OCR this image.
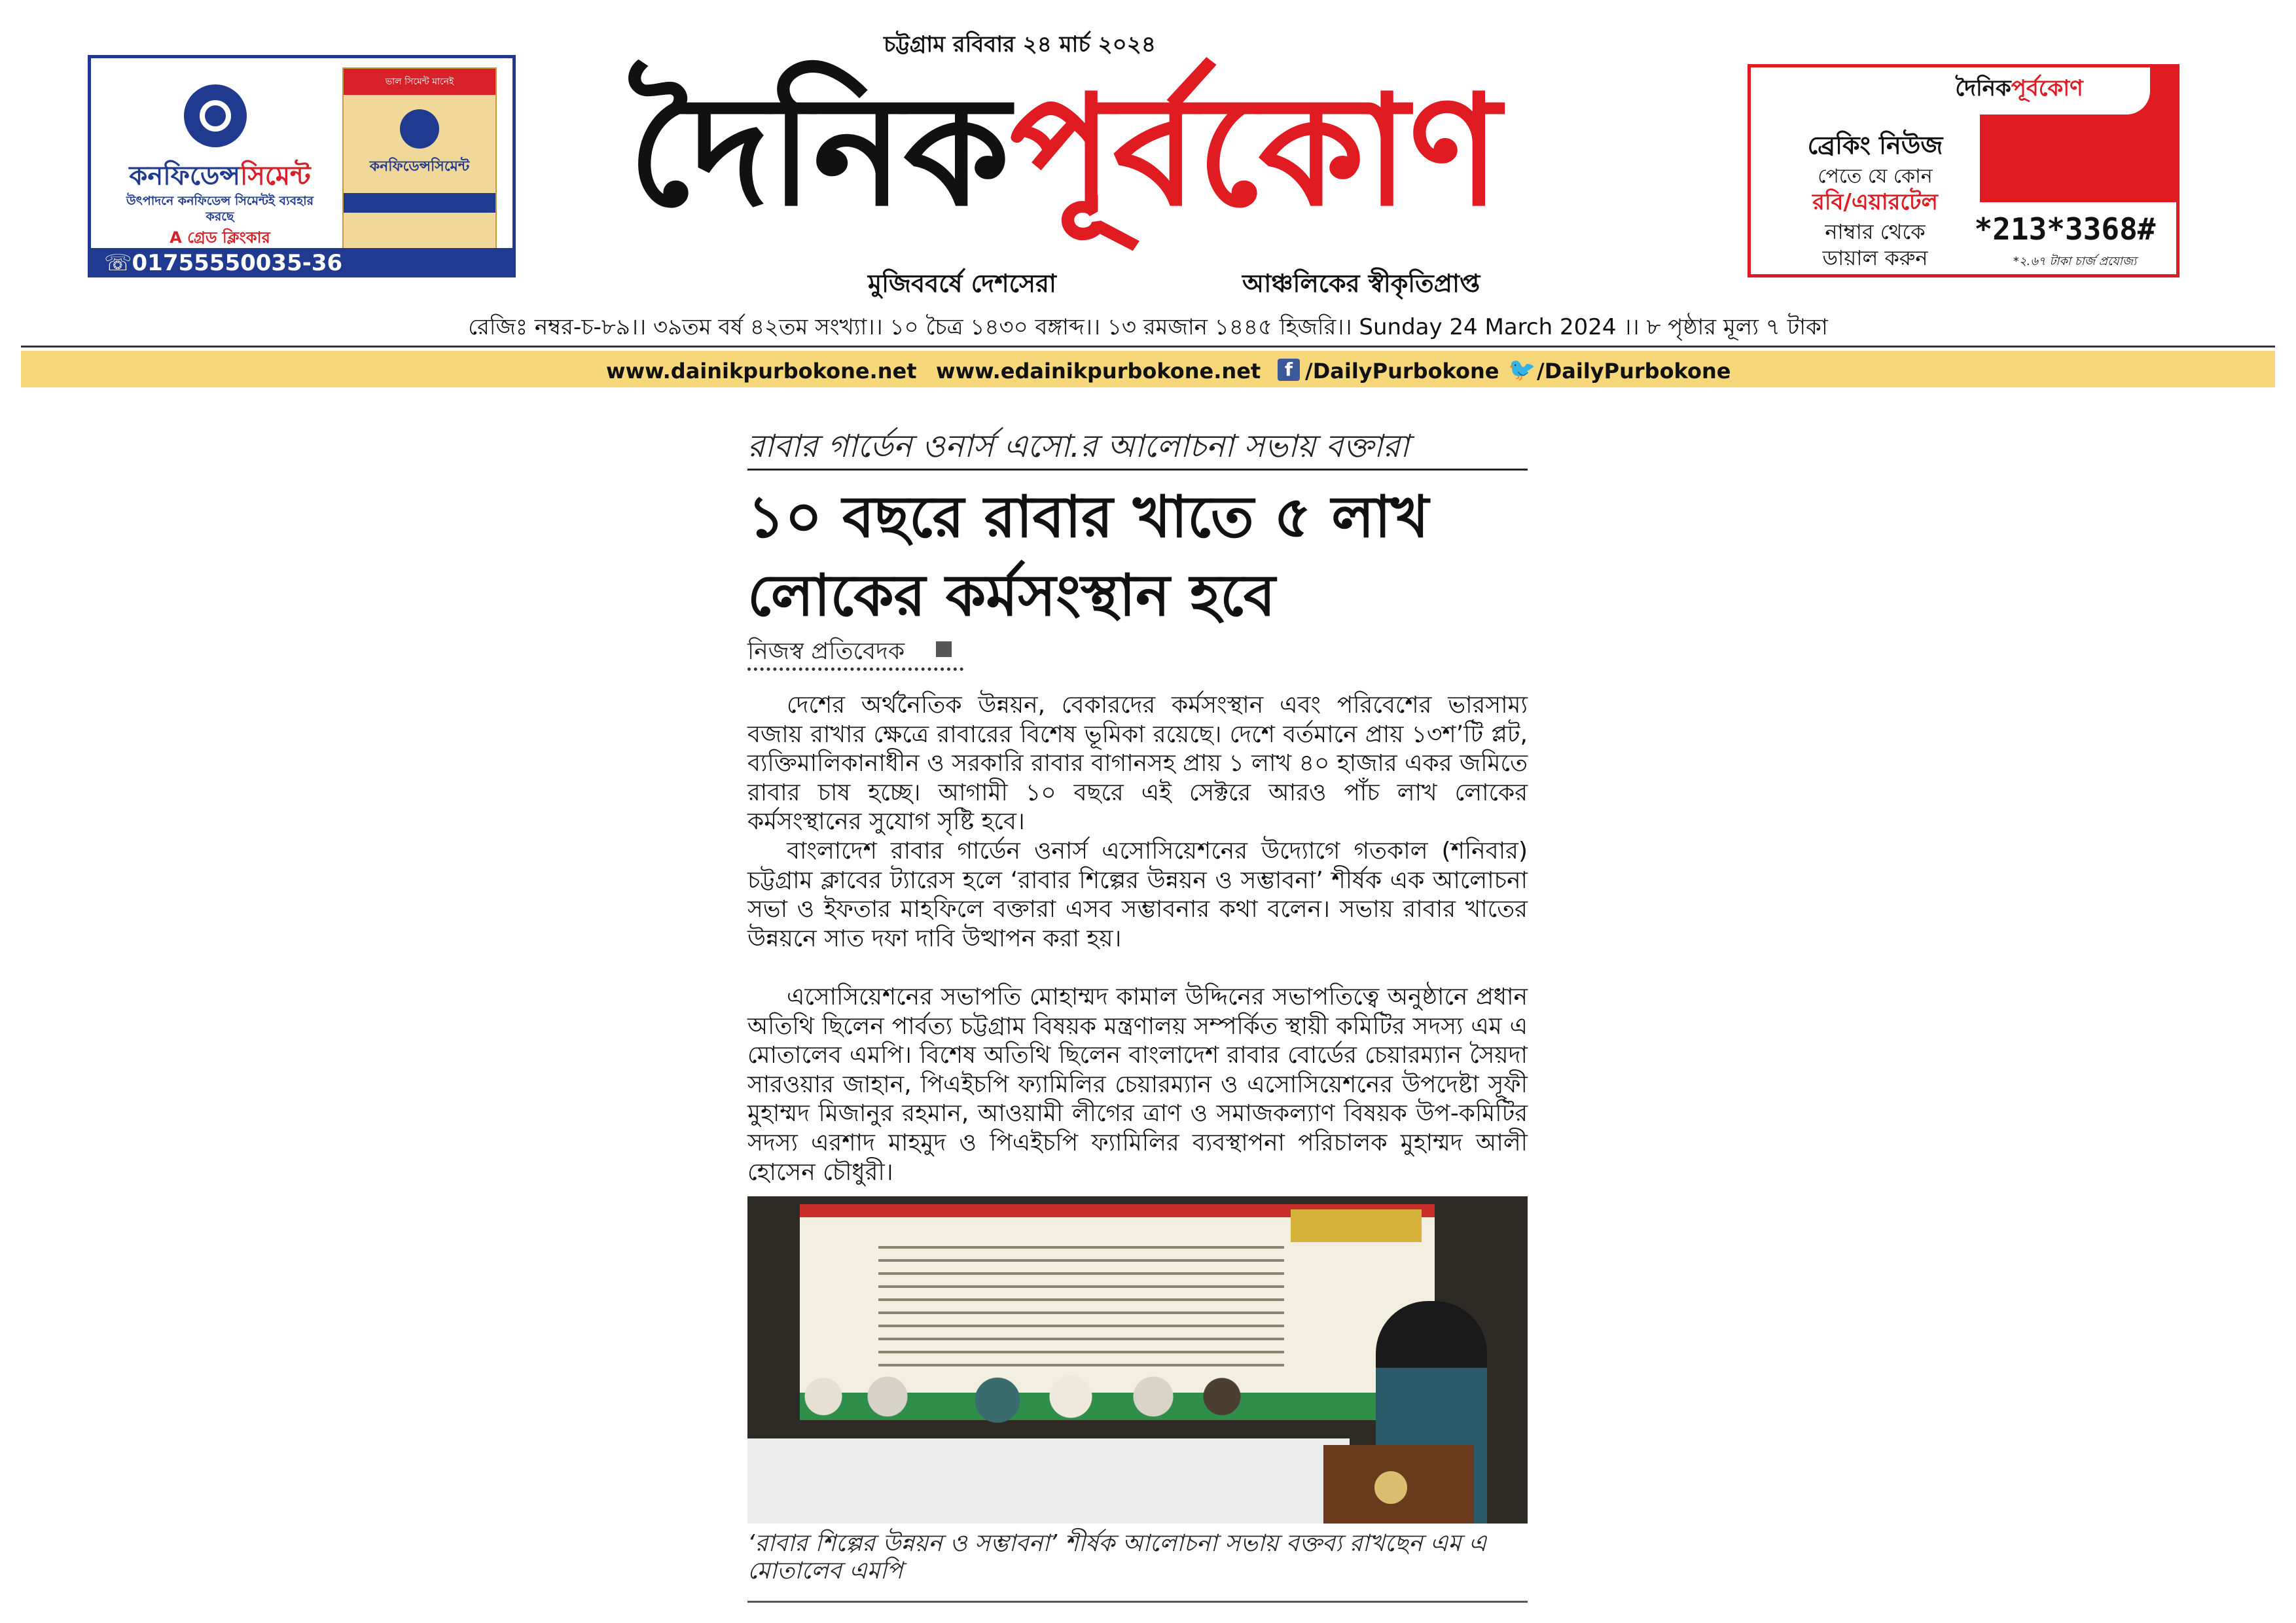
কনফিডেন্সসিমেন্ট
উৎপাদনে কনফিডেন্স সিমেন্টই ব্যবহার করছে
A গ্রেড ক্লিংকার
ভাল সিমেন্ট মানেই
কনফিডেন্সসিমেন্ট
☏01755550035-36
চট্টগ্রাম রবিবার ২৪ মার্চ ২০২৪
দৈনিকপূর্বকোণ
মুজিববর্ষে দেশসেরা	আঞ্চলিকের স্বীকৃতিপ্রাপ্ত
দৈনিকপূর্বকোণ
ব্রেকিং নিউজ
পেতে যে কোন
রবি/এয়ারটেল
নাম্বার থেকে
ডায়াল করুন
*213*3368#
*২.৬৭ টাকা চার্জ প্রযোজ্য
রেজিঃ নম্বর-চ-৮৯।। ৩৯তম বর্ষ ৪২তম সংখ্যা।। ১০ চৈত্র ১৪৩০ বঙ্গাব্দ।। ১৩ রমজান ১৪৪৫ হিজরি।। Sunday 24 March 2024 ।। ৮ পৃষ্ঠার মূল্য ৭ টাকা
www.dainikpurbokone.net www.edainikpurbokone.net	f /DailyPurbokone 🐦 /DailyPurbokone
রাবার গার্ডেন ওনার্স এসো.র আলোচনা সভায় বক্তারা
১০ বছরে রাবার খাতে ৫ লাখ লোকের কর্মসংস্থান হবে
নিজস্ব প্রতিবেদক
দেশের অর্থনৈতিক উন্নয়ন, বেকারদের কর্মসংস্থান এবং পরিবেশের ভারসাম্য বজায় রাখার ক্ষেত্রে রাবারের বিশেষ ভূমিকা রয়েছে। দেশে বর্তমানে প্রায় ১৩শ’টি প্লট, ব্যক্তিমালিকানাধীন ও সরকারি রাবার বাগানসহ প্রায় ১ লাখ ৪০ হাজার একর জমিতে রাবার চাষ হচ্ছে। আগামী ১০ বছরে এই সেক্টরে আরও পাঁচ লাখ লোকের কর্মসংস্থানের সুযোগ সৃষ্টি হবে।
বাংলাদেশ রাবার গার্ডেন ওনার্স এসোসিয়েশনের উদ্যোগে গতকাল (শনিবার) চট্টগ্রাম ক্লাবের ট্যারেস হলে ‘রাবার শিল্পের উন্নয়ন ও সম্ভাবনা’ শীর্ষক এক আলোচনা সভা ও ইফতার মাহফিলে বক্তারা এসব সম্ভাবনার কথা বলেন। সভায় রাবার খাতের উন্নয়নে সাত দফা দাবি উত্থাপন করা হয়।
এসোসিয়েশনের সভাপতি মোহাম্মদ কামাল উদ্দিনের সভাপতিত্বে অনুষ্ঠানে প্রধান অতিথি ছিলেন পার্বত্য চট্টগ্রাম বিষয়ক মন্ত্রণালয় সম্পর্কিত স্থায়ী কমিটির সদস্য এম এ মোতালেব এমপি। বিশেষ অতিথি ছিলেন বাংলাদেশ রাবার বোর্ডের চেয়ারম্যান সৈয়দা সারওয়ার জাহান, পিএইচপি ফ্যামিলির চেয়ারম্যান ও এসোসিয়েশনের উপদেষ্টা সূফী মুহাম্মদ মিজানুর রহমান, আওয়ামী লীগের ত্রাণ ও সমাজকল্যাণ বিষয়ক উপ-কমিটির সদস্য এরশাদ মাহমুদ ও পিএইচপি ফ্যামিলির ব্যবস্থাপনা পরিচালক মুহাম্মদ আলী হোসেন চৌধুরী।
‘রাবার শিল্পের উন্নয়ন ও সম্ভাবনা’ শীর্ষক আলোচনা সভায় বক্তব্য রাখছেন এম এ মোতালেব এমপি
